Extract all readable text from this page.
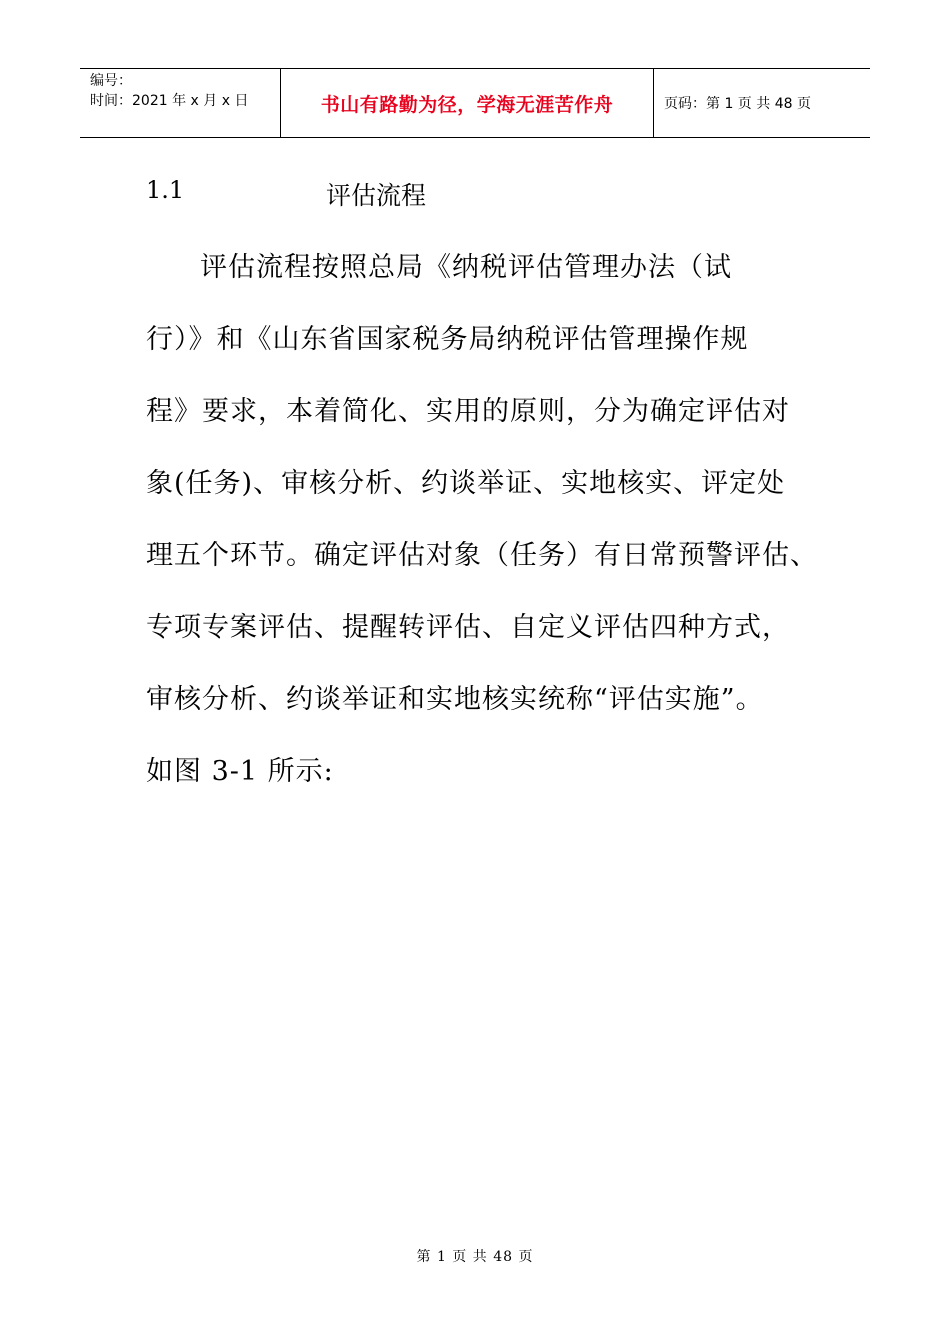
编号：
时间：2021 年 x 月 x 日	书山有路勤为径，学海无涯苦作舟	页码：第 1 页 共 48 页
1.1	评估流程
评估流程按照总局《纳税评估管理办法（试
行）》和《山东省国家税务局纳税评估管理操作规
程》要求，本着简化、实用的原则，分为确定评估对
象(任务)、审核分析、约谈举证、实地核实、评定处
理五个环节。确定评估对象（任务）有日常预警评估、
专项专案评估、提醒转评估、自定义评估四种方式，
审核分析、约谈举证和实地核实统称“评估实施”。
如图 3-1 所示:
第 1 页 共 48 页
